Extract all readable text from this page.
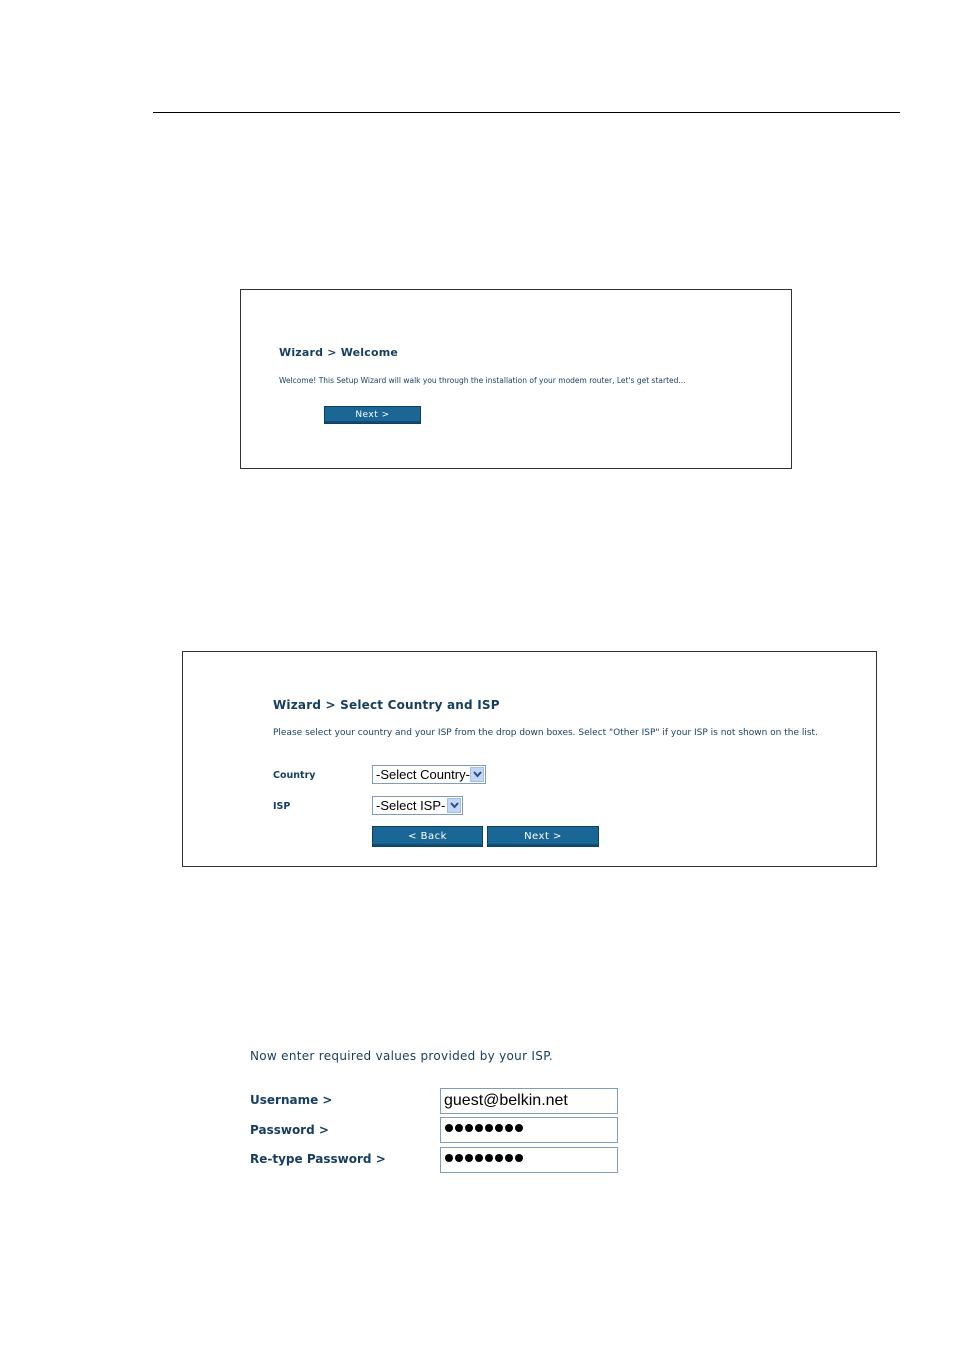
Wizard > Welcome
Welcome! This Setup Wizard will walk you through the installation of your modem router, Let's get started...
Next >
Wizard > Select Country and ISP
Please select your country and your ISP from the drop down boxes. Select "Other ISP" if your ISP is not shown on the list.
Country	-Select Country-
ISP	-Select ISP-
< Back	Next >
Now enter required values provided by your ISP.
Username >	guest@belkin.net
Password >
Re-type Password >
